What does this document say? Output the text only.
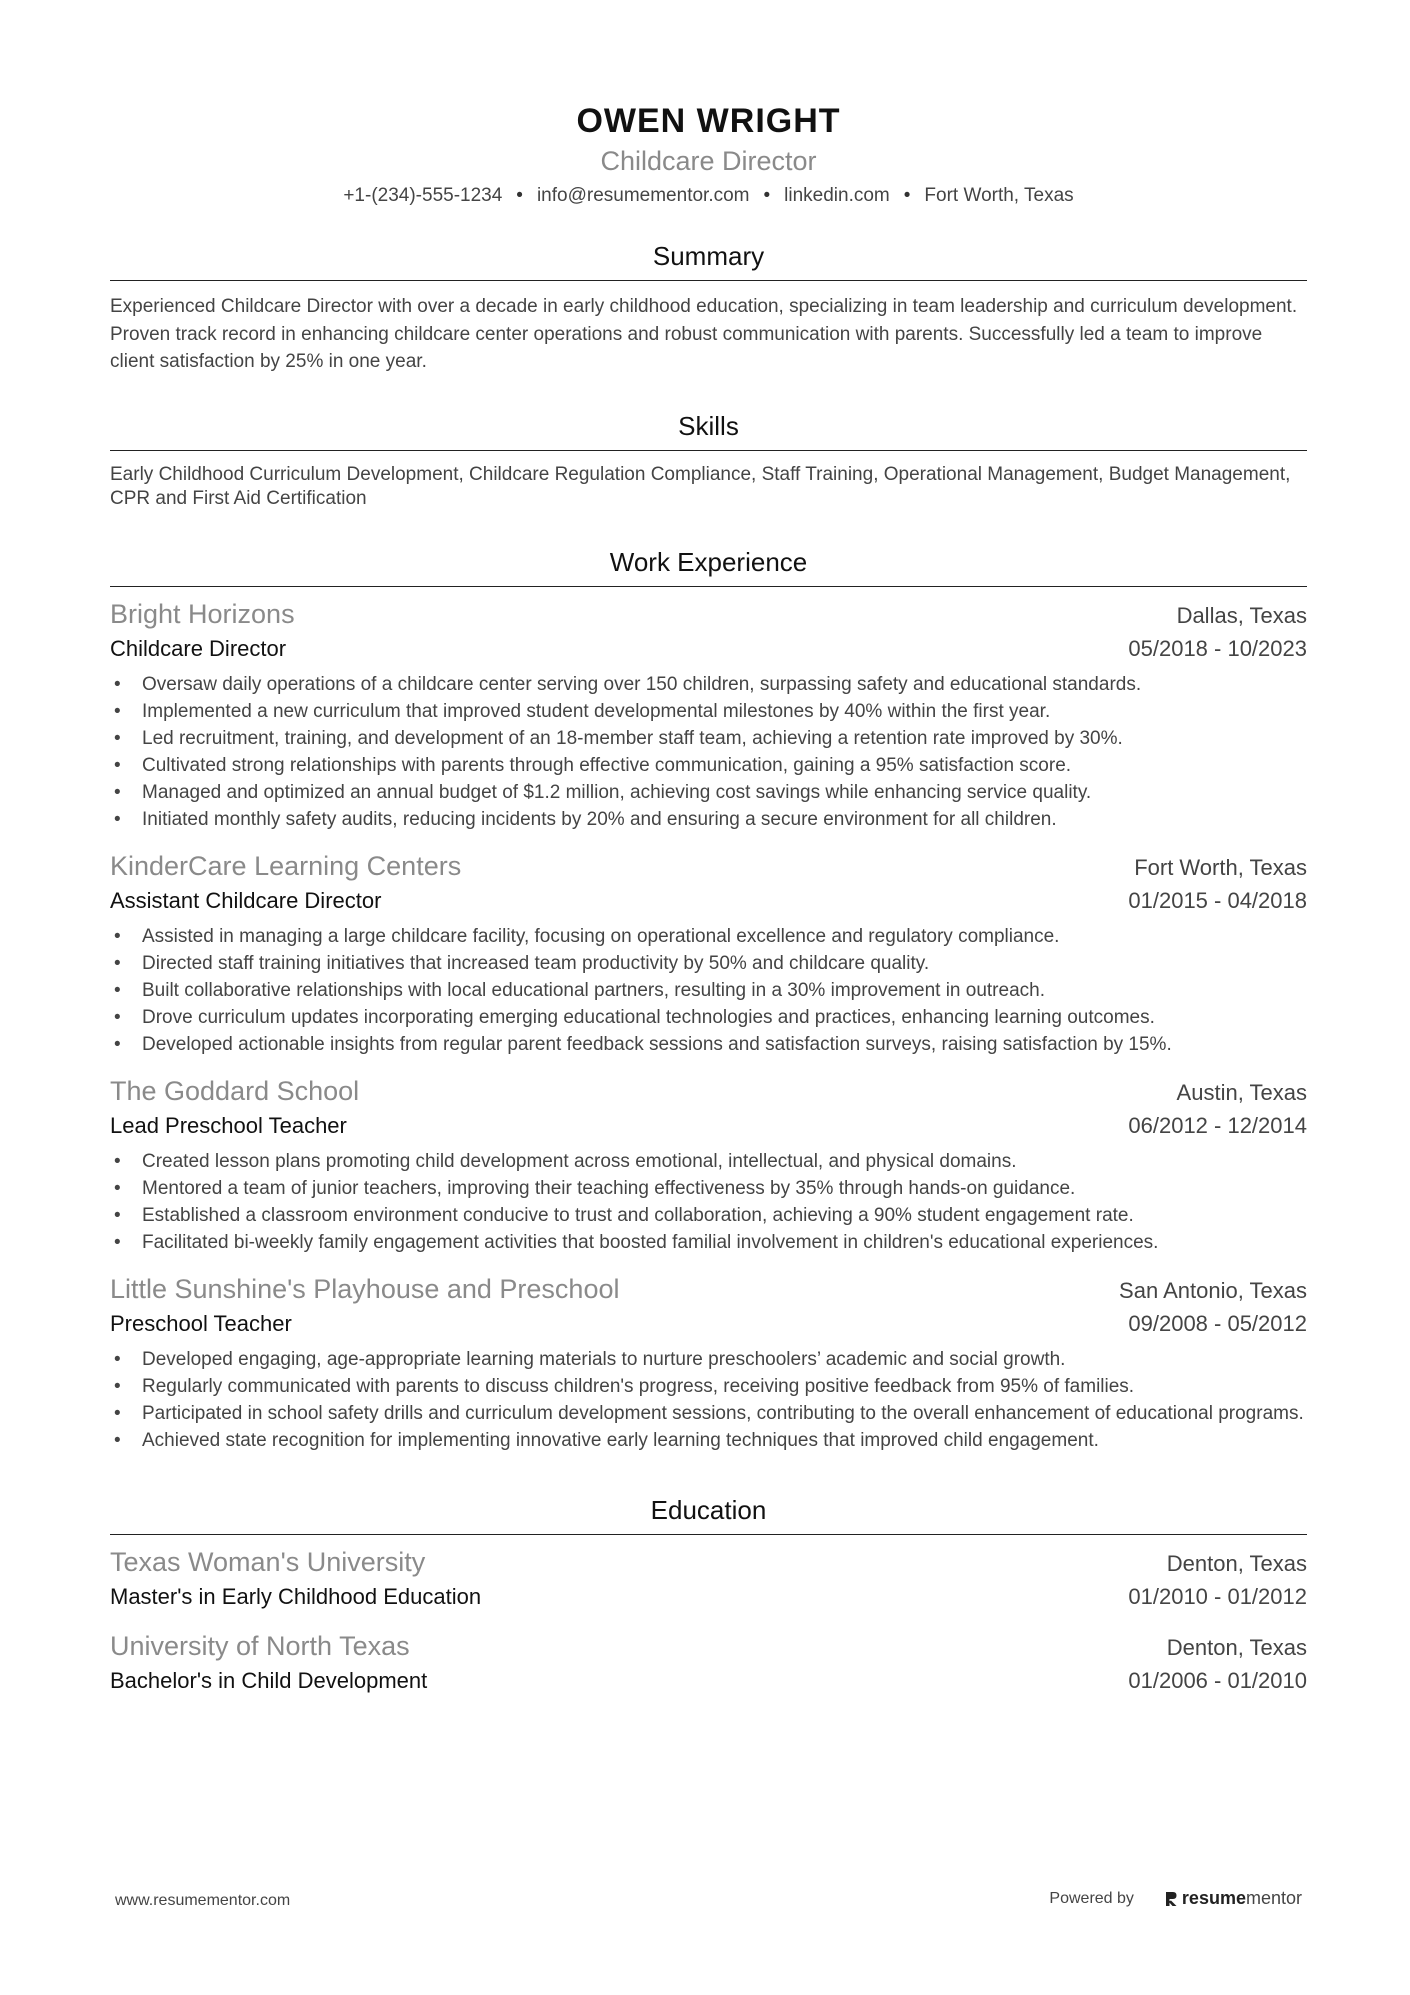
OWEN WRIGHT
Childcare Director
+1-(234)-555-1234 • info@resumementor.com • linkedin.com • Fort Worth, Texas
Summary
Experienced Childcare Director with over a decade in early childhood education, specializing in team leadership and curriculum development. Proven track record in enhancing childcare center operations and robust communication with parents. Successfully led a team to improve client satisfaction by 25% in one year.
Skills
Early Childhood Curriculum Development, Childcare Regulation Compliance, Staff Training, Operational Management, Budget Management, CPR and First Aid Certification
Work Experience
Bright Horizons	Dallas, Texas
Childcare Director	05/2018 - 10/2023
• Oversaw daily operations of a childcare center serving over 150 children, surpassing safety and educational standards.
• Implemented a new curriculum that improved student developmental milestones by 40% within the first year.
• Led recruitment, training, and development of an 18-member staff team, achieving a retention rate improved by 30%.
• Cultivated strong relationships with parents through effective communication, gaining a 95% satisfaction score.
• Managed and optimized an annual budget of $1.2 million, achieving cost savings while enhancing service quality.
• Initiated monthly safety audits, reducing incidents by 20% and ensuring a secure environment for all children.
KinderCare Learning Centers	Fort Worth, Texas
Assistant Childcare Director	01/2015 - 04/2018
• Assisted in managing a large childcare facility, focusing on operational excellence and regulatory compliance.
• Directed staff training initiatives that increased team productivity by 50% and childcare quality.
• Built collaborative relationships with local educational partners, resulting in a 30% improvement in outreach.
• Drove curriculum updates incorporating emerging educational technologies and practices, enhancing learning outcomes.
• Developed actionable insights from regular parent feedback sessions and satisfaction surveys, raising satisfaction by 15%.
The Goddard School	Austin, Texas
Lead Preschool Teacher	06/2012 - 12/2014
• Created lesson plans promoting child development across emotional, intellectual, and physical domains.
• Mentored a team of junior teachers, improving their teaching effectiveness by 35% through hands-on guidance.
• Established a classroom environment conducive to trust and collaboration, achieving a 90% student engagement rate.
• Facilitated bi-weekly family engagement activities that boosted familial involvement in children's educational experiences.
Little Sunshine's Playhouse and Preschool	San Antonio, Texas
Preschool Teacher	09/2008 - 05/2012
• Developed engaging, age-appropriate learning materials to nurture preschoolers’ academic and social growth.
• Regularly communicated with parents to discuss children's progress, receiving positive feedback from 95% of families.
• Participated in school safety drills and curriculum development sessions, contributing to the overall enhancement of educational programs.
• Achieved state recognition for implementing innovative early learning techniques that improved child engagement.
Education
Texas Woman's University	Denton, Texas
Master's in Early Childhood Education	01/2010 - 01/2012
University of North Texas	Denton, Texas
Bachelor's in Child Development	01/2006 - 01/2010
www.resumementor.com	Powered by	resume mentor
